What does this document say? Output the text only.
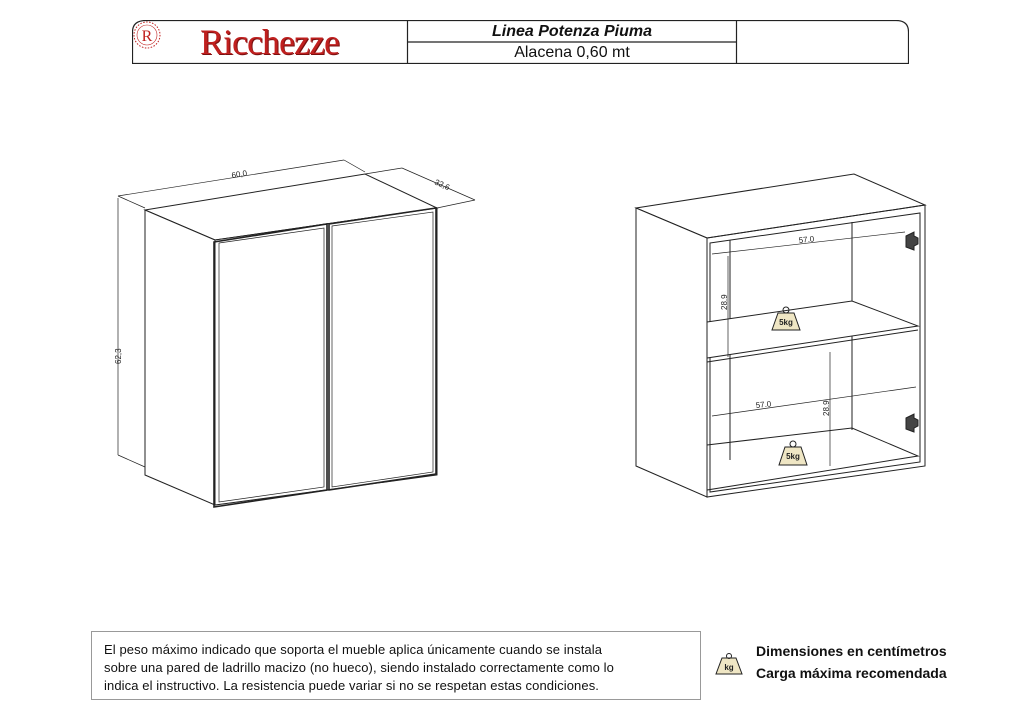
Ricchezze	Linea Potenza Piuma
Alacena 0,60 mt
R
60,0
32,6
62,3
57.0
28.9
57.0	28.9
5kg
5kg
El peso máximo indicado que soporta el mueble aplica únicamente cuando se instala
sobre una pared de ladrillo macizo (no hueco), siendo instalado correctamente como lo
indica el instructivo. La resistencia puede variar si no se respetan estas condiciones.
kg
Dimensiones en centímetros
Carga máxima recomendada
